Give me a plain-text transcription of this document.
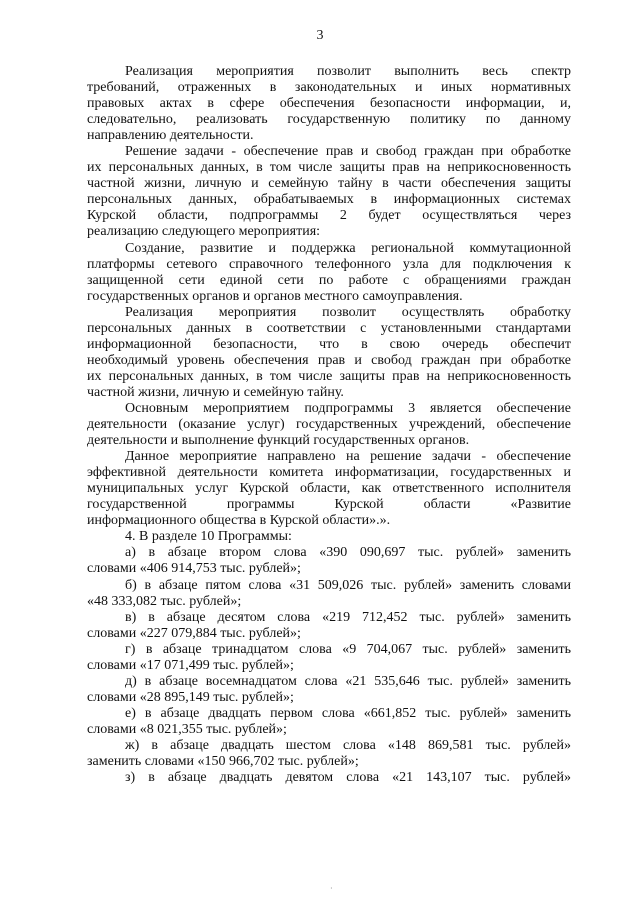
3
Реализация мероприятия позволит выполнить весь спектр
требований, отраженных в законодательных и иных нормативных
правовых актах в сфере обеспечения безопасности информации, и,
следовательно, реализовать государственную политику по данному
направлению деятельности.
Решение задачи - обеспечение прав и свобод граждан при обработке
их персональных данных, в том числе защиты прав на неприкосновенность
частной жизни, личную и семейную тайну в части обеспечения защиты
персональных данных, обрабатываемых в информационных системах
Курской области, подпрограммы 2 будет осуществляться через
реализацию следующего мероприятия:
Создание, развитие и поддержка региональной коммутационной
платформы сетевого справочного телефонного узла для подключения к
защищенной сети единой сети по работе с обращениями граждан
государственных органов и органов местного самоуправления.
Реализация мероприятия позволит осуществлять обработку
персональных данных в соответствии с установленными стандартами
информационной безопасности, что в свою очередь обеспечит
необходимый уровень обеспечения прав и свобод граждан при обработке
их персональных данных, в том числе защиты прав на неприкосновенность
частной жизни, личную и семейную тайну.
Основным мероприятием подпрограммы 3 является обеспечение
деятельности (оказание услуг) государственных учреждений, обеспечение
деятельности и выполнение функций государственных органов.
Данное мероприятие направлено на решение задачи - обеспечение
эффективной деятельности комитета информатизации, государственных и
муниципальных услуг Курской области, как ответственного исполнителя
государственной программы Курской области «Развитие
информационного общества в Курской области».».
4. В разделе 10 Программы:
а) в абзаце втором слова «390 090,697 тыс. рублей» заменить
словами «406 914,753 тыс. рублей»;
б) в абзаце пятом слова «31 509,026 тыс. рублей» заменить словами
«48 333,082 тыс. рублей»;
в) в абзаце десятом слова «219 712,452 тыс. рублей» заменить
словами «227 079,884 тыс. рублей»;
г) в абзаце тринадцатом слова «9 704,067 тыс. рублей» заменить
словами «17 071,499 тыс. рублей»;
д) в абзаце восемнадцатом слова «21 535,646 тыс. рублей» заменить
словами «28 895,149 тыс. рублей»;
е) в абзаце двадцать первом слова «661,852 тыс. рублей» заменить
словами «8 021,355 тыс. рублей»;
ж) в абзаце двадцать шестом слова «148 869,581 тыс. рублей»
заменить словами «150 966,702 тыс. рублей»;
з) в абзаце двадцать девятом слова «21 143,107 тыс. рублей»
·
